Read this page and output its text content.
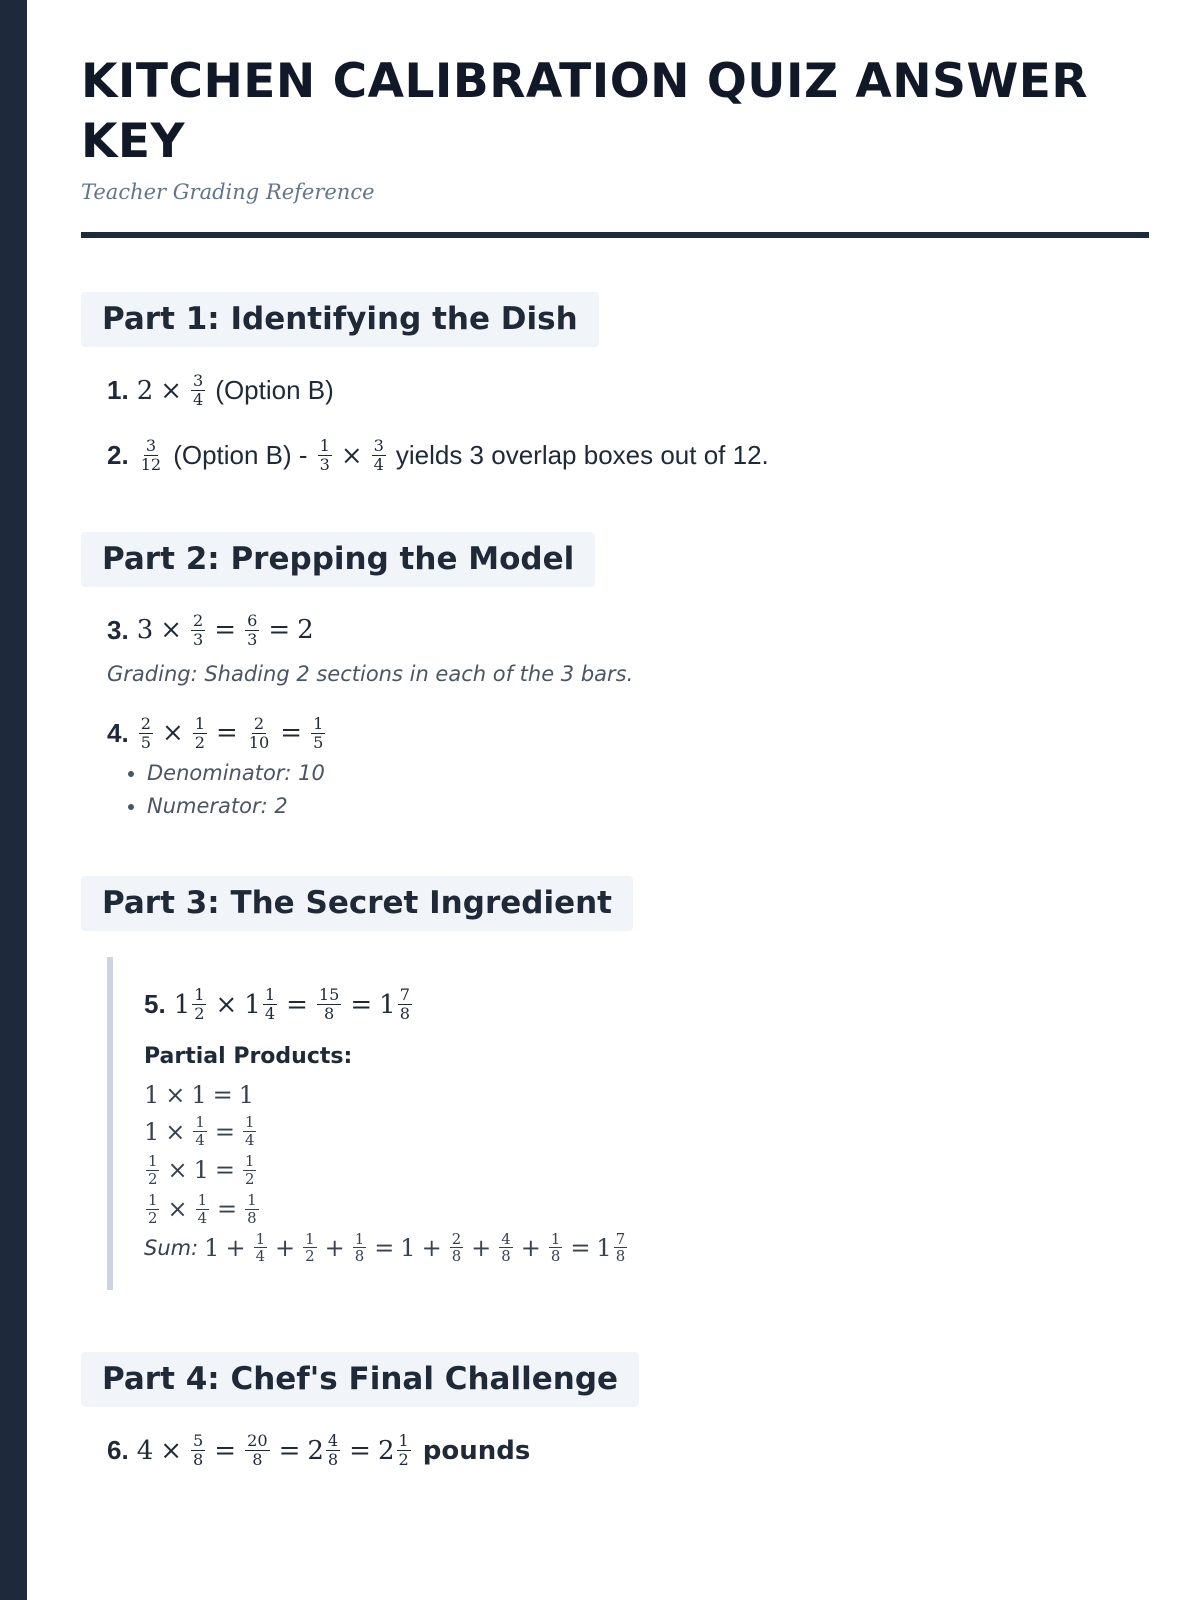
KITCHEN CALIBRATION QUIZ ANSWER KEY
Teacher Grading Reference
Part 1: Identifying the Dish
1. $2 \times \frac{3}{4}$ (Option B)
2. $\frac{3}{12}$ (Option $B) - \frac{1}{3} \times \frac{3}{4}$ yields 3 overlap boxes out of 12.
Part 2: Prepping the Model
3. $3 \times \frac{2}{3} = \frac{6}{3} = 2$
Grading: Shading 2 sections in each of the 3 bars.
4. $\frac{2}{5} \times \frac{1}{2} = \frac{2}{10} = \frac{1}{5}$
• Denominator: 10
• Numerator: 2
Part 3: The Secret Ingredient
5. $1 \frac{1}{2} \times 1 \frac{1}{4} = \frac{15}{8} = 1 \frac{7}{8}$
Partial Products:
1 × 1 = 1
$1 \times \frac{1}{4} = \frac{1}{4}$
$\frac{1}{2} \times 1 = \frac{1}{2}$
$\frac{1}{2} \times \frac{1}{4} = \frac{1}{8}$
Sum: $1 + \frac{1}{4} + \frac{1}{2} + \frac{1}{8} = 1 + \frac{2}{8} + \frac{4}{8} + \frac{1}{8} = 1 \frac{7}{8}$
Part 4: Chef's Final Challenge
6. $4 \times \frac{5}{8} = \frac{20}{8} = 2 \frac{4}{8} = 2 \frac{1}{2}$ pounds
